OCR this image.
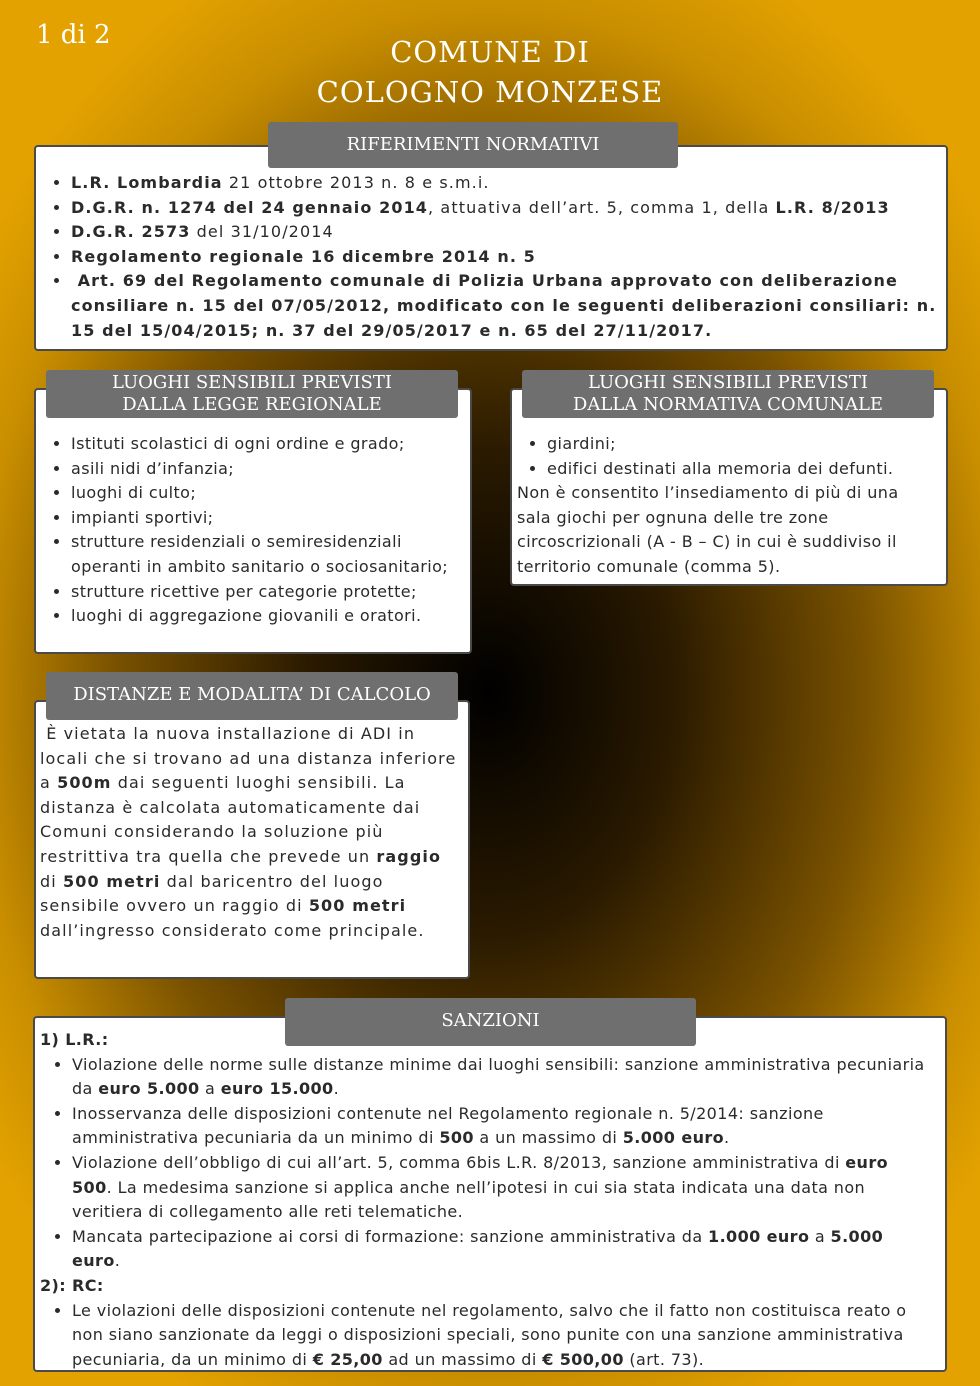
1 di 2	COMUNE DI
COLOGNO MONZESE
• L.R. Lombardia 21 ottobre 2013 n. 8 e s.m.i.
• D.G.R. n. 1274 del 24 gennaio 2014, attuativa dell’art. 5, comma 1, della L.R. 8/2013
• D.G.R. 2573 del 31/10/2014
• Regolamento regionale 16 dicembre 2014 n. 5
•  Art. 69 del Regolamento comunale di Polizia Urbana approvato con deliberazione consiliare n. 15 del 07/05/2012, modificato con le seguenti deliberazioni consiliari: n. 15 del 15/04/2015; n. 37 del 29/05/2017 e n. 65 del 27/11/2017.
RIFERIMENTI NORMATIVI
• Istituti scolastici di ogni ordine e grado;
• asili nidi d’infanzia;
• luoghi di culto;
• impianti sportivi;
• strutture residenziali o semiresidenziali operanti in ambito sanitario o sociosanitario;
• strutture ricettive per categorie protette;
• luoghi di aggregazione giovanili e oratori.
LUOGHI SENSIBILI PREVISTI
DALLA LEGGE REGIONALE
• giardini;
• edifici destinati alla memoria dei defunti.

Non è consentito l’insediamento di più di una sala giochi per ognuna delle tre zone circoscrizionali (A - B – C) in cui è suddiviso il territorio comunale (comma 5).

LUOGHI SENSIBILI PREVISTI
DALLA NORMATIVA COMUNALE

È vietata la nuova installazione di ADI in locali che si trovano ad una distanza inferiore a 500m dai seguenti luoghi sensibili. La distanza è calcolata automaticamente dai Comuni considerando la soluzione più restrittiva tra quella che prevede un raggio di 500 metri dal baricentro del luogo sensibile ovvero un raggio di 500 metri dall’ingresso considerato come principale.

DISTANZE E MODALITA’ DI CALCOLO
1) L.R.:
• Violazione delle norme sulle distanze minime dai luoghi sensibili: sanzione amministrativa pecuniaria da euro 5.000 a euro 15.000.
• Inosservanza delle disposizioni contenute nel Regolamento regionale n. 5/2014: sanzione amministrativa pecuniaria da un minimo di 500 a un massimo di 5.000 euro.
• Violazione dell’obbligo di cui all’art. 5, comma 6bis L.R. 8/2013, sanzione amministrativa di euro 500. La medesima sanzione si applica anche nell’ipotesi in cui sia stata indicata una data non veritiera di collegamento alle reti telematiche.
• Mancata partecipazione ai corsi di formazione: sanzione amministrativa da 1.000 euro a 5.000 euro.
2): RC:
• Le violazioni delle disposizioni contenute nel regolamento, salvo che il fatto non costituisca reato o non siano sanzionate da leggi o disposizioni speciali, sono punite con una sanzione amministrativa pecuniaria, da un minimo di € 25,00 ad un massimo di € 500,00 (art. 73).
SANZIONI
